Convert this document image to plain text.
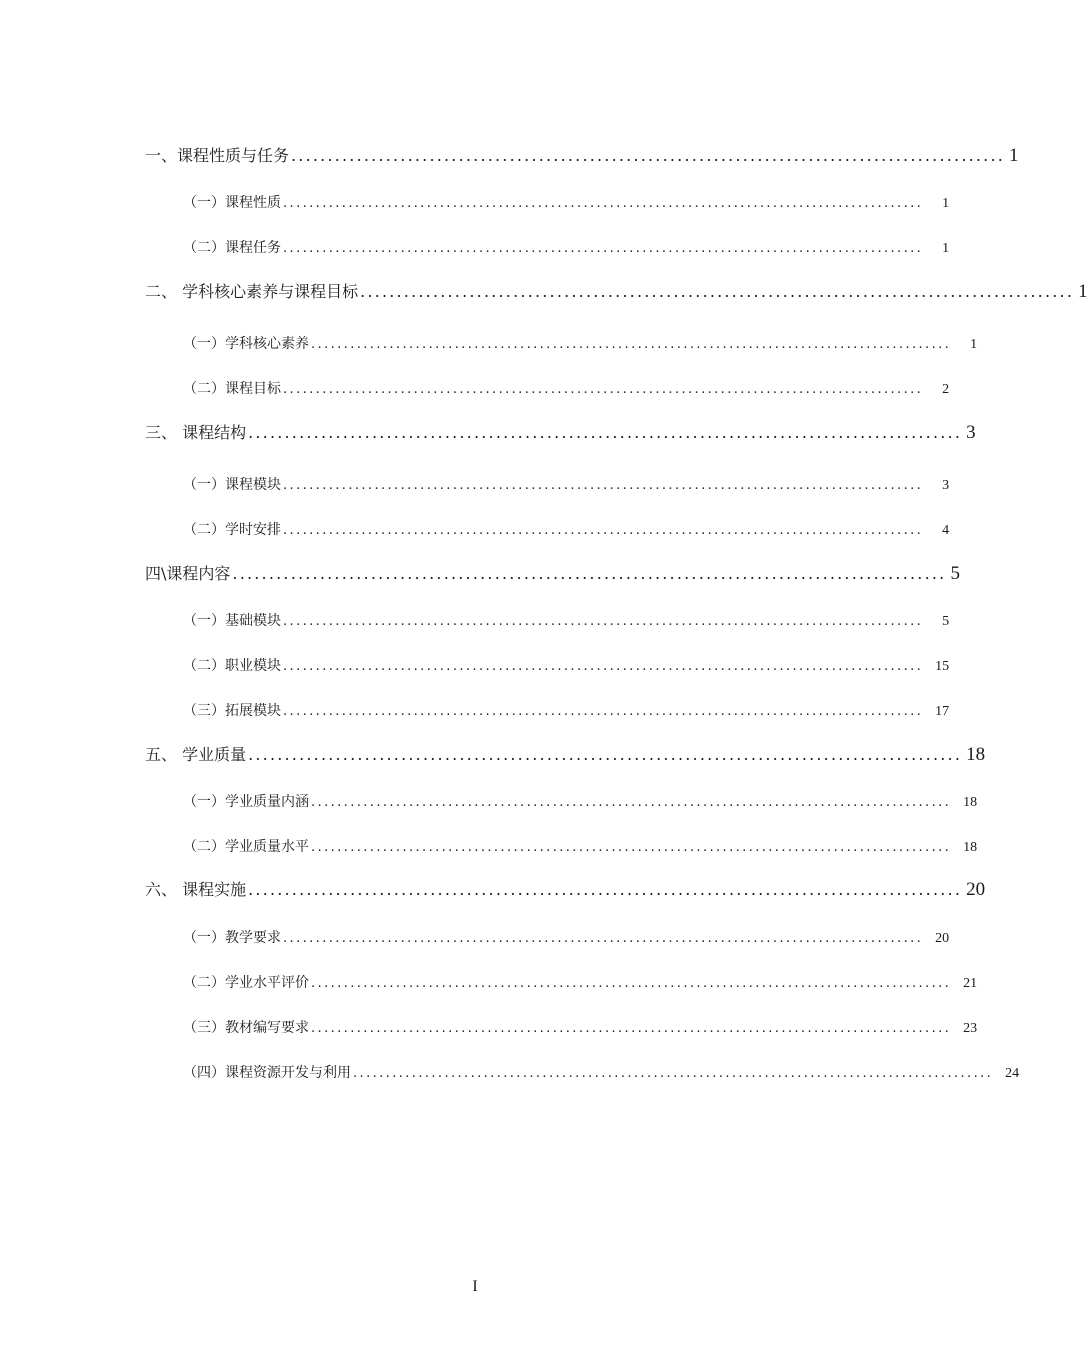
一、课程性质与任务 .................................................................................................. 1
（一）课程性质 ..................................................................................................	1
（二）课程任务 ..................................................................................................	1
二、 学科核心素养与课程目标 .................................................................................................. 1
（一）学科核心素养 ..................................................................................................	1
（二）课程目标 ..................................................................................................	2
三、 课程结构 .................................................................................................. 3
（一）课程模块 ..................................................................................................	3
（二）学时安排 ..................................................................................................	4
四\课程内容 .................................................................................................. 5
（一）基础模块 ..................................................................................................	5
（二）职业模块 .................................................................................................. 15
（三）拓展模块 .................................................................................................. 17
五、 学业质量 .................................................................................................. 18
（一）学业质量内涵 .................................................................................................. 18
（二）学业质量水平 .................................................................................................. 18
六、 课程实施 .................................................................................................. 20
（一）教学要求 .................................................................................................. 20
（二）学业水平评价 .................................................................................................. 21
（三）教材编写要求 .................................................................................................. 23
（四）课程资源开发与利用 .................................................................................................. 24
I
